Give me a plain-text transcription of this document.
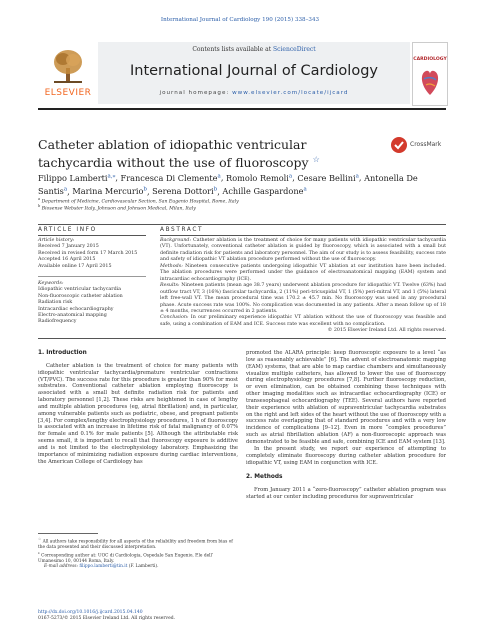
International Journal of Cardiology 190 (2015) 338–343
ELSEVIER
Contents lists available at ScienceDirect
International Journal of Cardiology
journal homepage: www.elsevier.com/locate/ijcard
CARDIOLOGY
Catheter ablation of idiopathic ventricular tachycardia without the use of fluoroscopy ☆
CrossMark
Filippo Lamberti$^{a,⁎}$, Francesca Di Clemente$^a$, Romolo Remoli$^a$, Cesare Bellini$^a$, Antonella De Santis$^a$, Marina Mercurio$^b$, Serena Dottori$^b$, Achille Gaspardone$^a$
$^a$ Department of Medicine, Cardiovascular Section, San Eugenio Hospital, Rome, Italy
$^b$ Biosense Webster Italy, Johnson and Johnson Medical, Milan, Italy
ARTICLE INFO	ABSTRACT
Article history:
Received 7 January 2015
Received in revised form 17 March 2015
Accepted 16 April 2015
Available online 17 April 2015
Keywords:
Idiopathic ventricular tachycardia
Non-fluoroscopic catheter ablation
Radiation risk
Intracardiac echocardiography
Electro-anatomical mapping
Radiofrequency
Background: Catheter ablation is the treatment of choice for many patients with idiopathic ventricular tachycardia (VT). Unfortunately, conventional catheter ablation is guided by fluoroscopy, which is associated with a small but definite radiation risk for patients and laboratory personnel. The aim of our study is to assess feasibility, success rate and safety of idiopathic VT ablation procedure performed without the use of fluoroscopy.
Methods: Nineteen consecutive patients undergoing idiopathic VT ablation at our institution have been included. The ablation procedures were performed under the guidance of electroanatomical mapping (EAM) system and intracardiac echocardiography (ICE).
Results: Nineteen patients (mean age 38.7 years) underwent ablation procedure for idiopathic VT. Twelve (63%) had outflow tract VT, 3 (16%) fascicular tachycardia, 2 (11%) peri-tricuspidal VT, 1 (5%) peri-mitral VT, and 1 (5%) lateral left free-wall VT. The mean procedural time was 170.2 ± 45.7 min. No fluoroscopy was used in any procedural phase. Acute success rate was 100%. No complication was documented in any patients. After a mean follow up of 18 ± 4 months, recurrences occurred in 2 patients.
Conclusion: In our preliminary experience idiopathic VT ablation without the use of fluoroscopy was feasible and safe, using a combination of EAM and ICE. Success rate was excellent with no complication.
© 2015 Elsevier Ireland Ltd. All rights reserved.
1. Introduction
Catheter ablation is the treatment of choice for many patients with idiopathic ventricular tachycardia/premature ventricular contractions (VT/PVC). The success rate for this procedure is greater than 90% for most substrates. Conventional catheter ablation employing fluoroscopy is associated with a small but definite radiation risk for patients and laboratory personnel [1,2]. These risks are heightened in case of lengthy and multiple ablation procedures (eg, atrial fibrillation) and, in particular, among vulnerable patients such as pediatric, obese, and pregnant patients [3,4]. For complex/lengthy electrophysiology procedures, 1 h of fluoroscopy is associated with an increase in lifetime risk of fatal malignancy of 0.07% for female and 0.1% for male patients [5]. Although the attributable risk seems small, it is important to recall that fluoroscopy exposure is additive and is not limited to the electrophysiology laboratory. Emphasizing the importance of minimizing radiation exposure during cardiac interventions, the American College of Cardiology has
☆ All authors take responsibility for all aspects of the reliability and freedom from bias of the data presented and their discussed interpretation.
⁎ Corresponding author at: UOC di Cardiologia, Ospedale San Eugenio, P.le dell’ Umanesimo 10, 00144 Roma, Italy.
E-mail address: filippo.lamberti@tin.it (F. Lamberti).
promoted the ALARA principle: keep fluoroscopic exposure to a level “as low as reasonably achievable” [6]. The advent of electroanatomic mapping (EAM) systems, that are able to map cardiac chambers and simultaneously visualize multiple catheters, has allowed to lower the use of fluoroscopy during electrophysiology procedures [7,8]. Further fluoroscopy reduction, or even elimination, can be obtained combining these techniques with other imaging modalities such as intracardiac echocardiography (ICE) or transesophageal echocardiography (TEE). Several authors have reported their experience with ablation of supraventricular tachycardia substrates on the right and left sides of the heart without the use of fluoroscopy with a success rate overlapping that of standard procedures and with a very low incidence of complications [9–12]. Even in more “complex procedures” such as atrial fibrillation ablation (AF) a non-fluoroscopic approach was demonstrated to be feasible and safe, combining ICE and EAM system [13].
In the present study, we report our experience of attempting to completely eliminate fluoroscopy during catheter ablation procedure for idiopathic VT, using EAM in conjunction with ICE.
2. Methods
From January 2011 a “zero-fluoroscopy” catheter ablation program was started at our center including procedures for supraventricular
http://dx.doi.org/10.1016/j.ijcard.2015.04.140
0167-5273/© 2015 Elsevier Ireland Ltd. All rights reserved.
